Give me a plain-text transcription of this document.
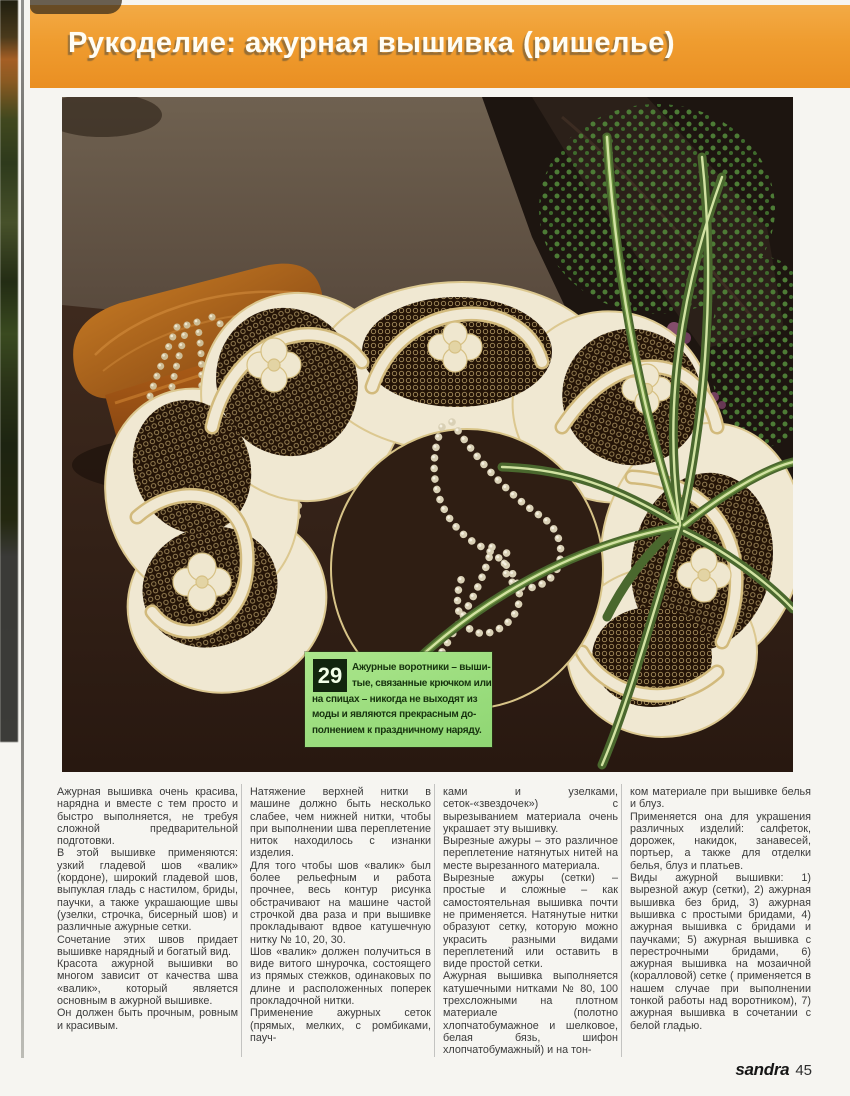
Рукоделие: ажурная вышивка (ришелье)
29 Ажурные воротники – выши-
тые, связанные крючком или
на спицах – никогда не выходят из
моды и являются прекрасным до-
полнением к праздничному наряду.

Ажурная вышивка очень красива, нарядна и вместе с тем просто и быстро выполняется, не требуя сложной предварительной подготовки.

В этой вышивке применяются: узкий гладевой шов «валик» (кордоне), широкий гладевой шов, выпуклая гладь с настилом, бриды, паучки, а также украшающие швы (узелки, строчка, бисерный шов) и различные ажурные сетки.

Сочетание этих швов придает вышивке нарядный и богатый вид.

Красота ажурной вышивки во многом зависит от качества шва «валик», который является основным в ажурной вышивке.

Он должен быть прочным, ровным и красивым.

Натяжение верхней нитки в машине должно быть несколько слабее, чем нижней нитки, чтобы при выполнении шва переплетение ниток находилось с изнанки изделия.

Для того чтобы шов «валик» был более рельефным и работа прочнее, весь контур рисунка обстрачивают на машине частой строчкой два раза и при вышивке прокладывают вдвое катушечную нитку № 10, 20, 30.

Шов «валик» должен получиться в виде витого шнурочка, состоящего из прямых стежков, одинаковых по длине и расположенных поперек прокладочной нитки.

Применение ажурных сеток (прямых, мелких, с ромбиками, пауч-

ками и узелками, сеток-«звездочек») с вырезыванием материала очень украшает эту вышивку.

Вырезные ажуры – это различное переплетение натянутых нитей на месте вырезанного материала.

Вырезные ажуры (сетки) – простые и сложные – как самостоятельная вышивка почти не применяется. Натянутые нитки образуют сетку, которую можно украсить разными видами переплетений или оставить в виде простой сетки.

Ажурная вышивка выполняется катушечными нитками № 80, 100 трехсложными на плотном материале (полотно хлопчатобумажное и шелковое, белая бязь, шифон хлопчатобумажный) и на тон-

ком материале при вышивке белья и блуз.

Применяется она для украшения различных изделий: салфеток, дорожек, накидок, занавесей, портьер, а также для отделки белья, блуз и платьев.

Виды ажурной вышивки: 1) вырезной ажур (сетки), 2) ажурная вышивка без брид, 3) ажурная вышивка с простыми бридами, 4) ажурная вышивка с бридами и паучками; 5) ажурная вышивка с перестрочными бридами, 6) ажурная вышивка на мозаичной (коралловой) сетке ( применяется в нашем случае при выполнении тонкой работы над воротником), 7) ажурная вышивка в сочетании с белой гладью.

sandra 45
